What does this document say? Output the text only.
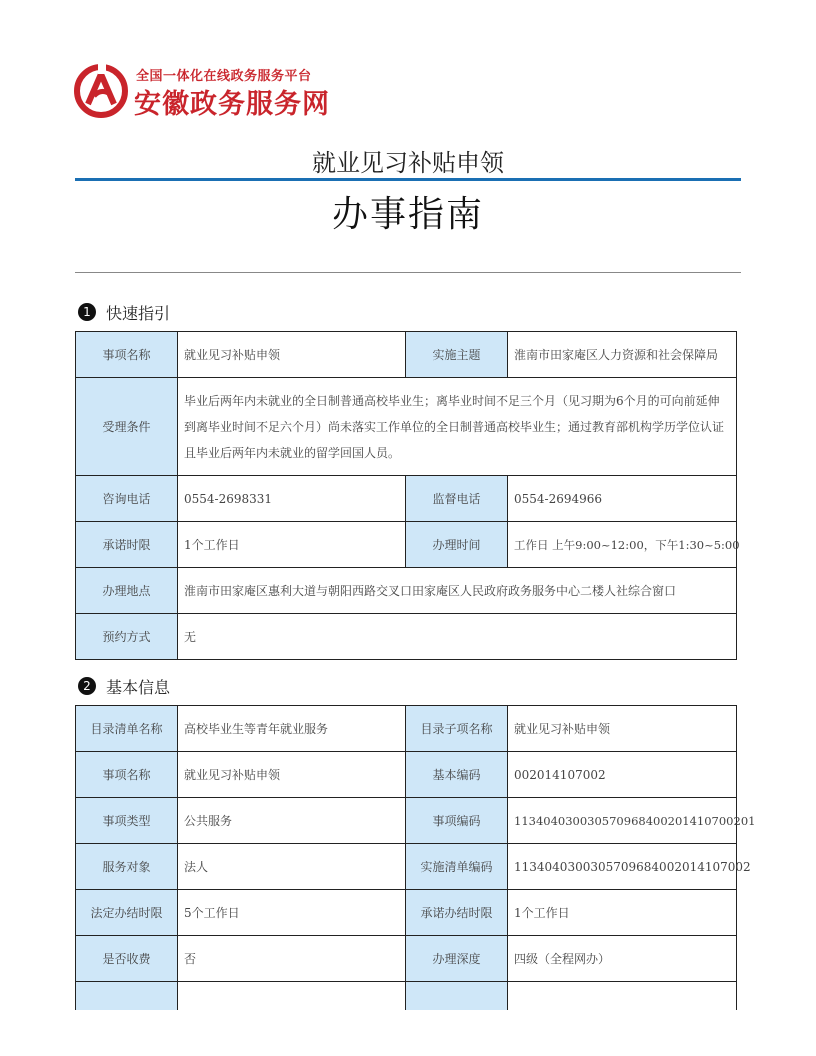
全国一体化在线政务服务平台
安徽政务服务网
就业见习补贴申领
办事指南
1 快速指引
事项名称	就业见习补贴申领	实施主题	淮南市田家庵区人力资源和社会保障局
受理条件	毕业后两年内未就业的全日制普通高校毕业生；离毕业时间不足三个月（见习期为6个月的可向前延伸到离毕业时间不足六个月）尚未落实工作单位的全日制普通高校毕业生；通过教育部机构学历学位认证且毕业后两年内未就业的留学回国人员。		
咨询电话	0554-2698331	监督电话	0554-2694966
承诺时限	1个工作日	办理时间	工作日 上午9:00~12:00，下午1:30~5:00
办理地点	淮南市田家庵区惠利大道与朝阳西路交叉口田家庵区人民政府政务服务中心二楼人社综合窗口		
预约方式	无		
2 基本信息
目录清单名称	高校毕业生等青年就业服务	目录子项名称	就业见习补贴申领
事项名称	就业见习补贴申领	基本编码	002014107002
事项类型	公共服务	事项编码	11340403003057096840020141070020​1
服务对象	法人	实施清单编码	11340403003057096840020141070​02
法定办结时限	5个工作日	承诺办结时限	1个工作日
是否收费	否	办理深度	四级（全程网办）
